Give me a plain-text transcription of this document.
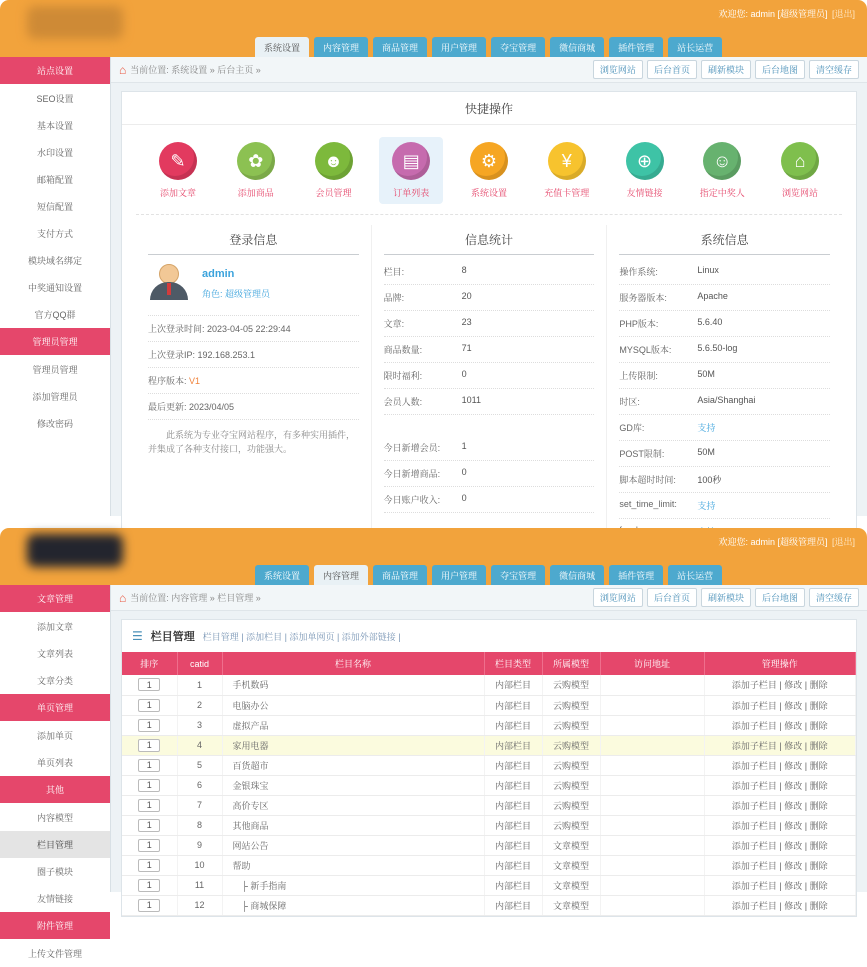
欢迎您: admin [超级管理员] [退出]
系统设置	内容管理	商品管理	用户管理	夺宝管理	微信商城	插件管理	站长运营
站点设置
SEO设置
基本设置
水印设置
邮箱配置
短信配置
支付方式
模块域名绑定
中奖通知设置
官方QQ群
管理员管理
管理员管理
添加管理员
修改密码
⌂ 当前位置: 系统设置 » 后台主页 »	浏览网站	后台首页	刷新模块	后台地图	清空缓存
快捷操作
✎
添加文章
✿
添加商品
☻
会员管理
▤
订单列表
⚙
系统设置
¥
充值卡管理
⊕
友情链接
☺
指定中奖人
⌂
浏览网站
登录信息
admin
角色: 超级管理员
上次登录时间: 2023-04-05 22:29:44
上次登录IP: 192.168.253.1
程序版本: V1
最后更新: 2023/04/05
此系统为专业夺宝网站程序，有多种实用插件，并集成了各种支付接口，功能强大。
信息统计
栏目:	8
品牌:	20
文章:	23
商品数量:	71
限时福利:	0
会员人数:	1011
今日新增会员:	1
今日新增商品:	0
今日账户收入:	0
系统信息
操作系统:	Linux
服务器版本:	Apache
PHP版本:	5.6.40
MYSQL版本:	5.6.50-log
上传限制:	50M
时区:	Asia/Shanghai
GD库:	支持
POST限制:	50M
脚本超时时间:	100秒
set_time_limit:	支持
欢迎您: admin [超级管理员] [退出]
系统设置	内容管理	商品管理	用户管理	夺宝管理	微信商城	插件管理	站长运营
文章管理
添加文章
文章列表
文章分类
单页管理
添加单页
单页列表
其他
内容模型
栏目管理
圈子模块
友情链接
附件管理
上传文件管理
⌂ 当前位置: 内容管理 » 栏目管理 »	浏览网站	后台首页	刷新模块	后台地图	清空缓存
☰ 栏目管理 栏目管理 | 添加栏目 | 添加单网页 | 添加外部链接 |
排序	catid	栏目名称	栏目类型	所属模型	访问地址	管理操作
1	1	手机数码	内部栏目	云购模型		添加子栏目 | 修改 | 删除
1	2	电脑办公	内部栏目	云购模型		添加子栏目 | 修改 | 删除
1	3	虚拟产品	内部栏目	云购模型		添加子栏目 | 修改 | 删除
1	4	家用电器	内部栏目	云购模型		添加子栏目 | 修改 | 删除
1	5	百货超市	内部栏目	云购模型		添加子栏目 | 修改 | 删除
1	6	金银珠宝	内部栏目	云购模型		添加子栏目 | 修改 | 删除
1	7	高价专区	内部栏目	云购模型		添加子栏目 | 修改 | 删除
1	8	其他商品	内部栏目	云购模型		添加子栏目 | 修改 | 删除
1	9	网站公告	内部栏目	文章模型		添加子栏目 | 修改 | 删除
1	10	帮助	内部栏目	文章模型		添加子栏目 | 修改 | 删除
1	11	　├ 新手指南	内部栏目	文章模型		添加子栏目 | 修改 | 删除
1	12	　├ 商城保障	内部栏目	文章模型		添加子栏目 | 修改 | 删除
